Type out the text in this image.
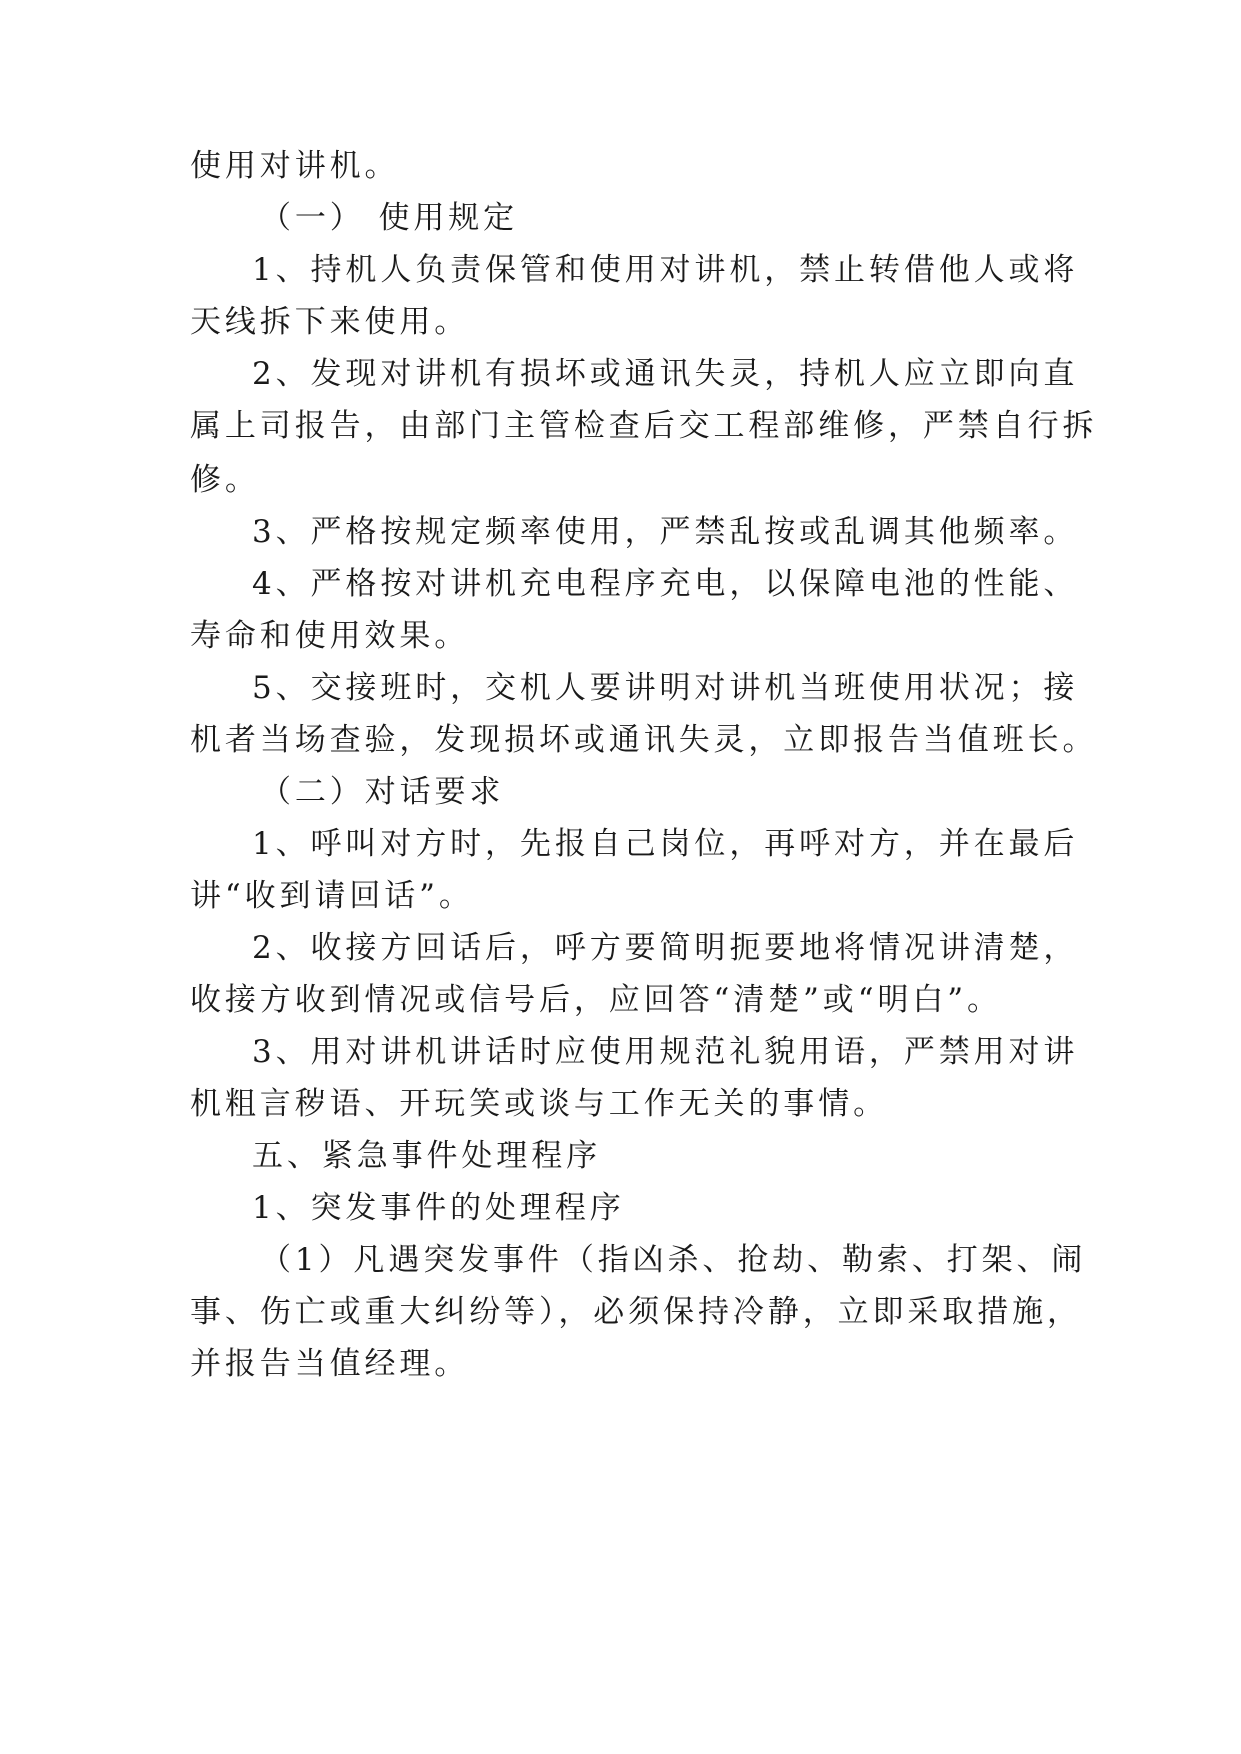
使用对讲机。
（一） 使用规定
1、持机人负责保管和使用对讲机，禁止转借他人或将
天线拆下来使用。
2、发现对讲机有损坏或通讯失灵，持机人应立即向直
属上司报告，由部门主管检查后交工程部维修，严禁自行拆
修。
3、严格按规定频率使用，严禁乱按或乱调其他频率。
4、严格按对讲机充电程序充电，以保障电池的性能、
寿命和使用效果。
5、交接班时，交机人要讲明对讲机当班使用状况；接
机者当场查验，发现损坏或通讯失灵，立即报告当值班长。
（二）对话要求
1、呼叫对方时，先报自己岗位，再呼对方，并在最后
讲“收到请回话”。
2、收接方回话后，呼方要简明扼要地将情况讲清楚，
收接方收到情况或信号后，应回答“清楚”或“明白”。
3、用对讲机讲话时应使用规范礼貌用语，严禁用对讲
机粗言秽语、开玩笑或谈与工作无关的事情。
五、紧急事件处理程序
1、突发事件的处理程序
（1）凡遇突发事件（指凶杀、抢劫、勒索、打架、闹
事、伤亡或重大纠纷等），必须保持冷静，立即采取措施，
并报告当值经理。
